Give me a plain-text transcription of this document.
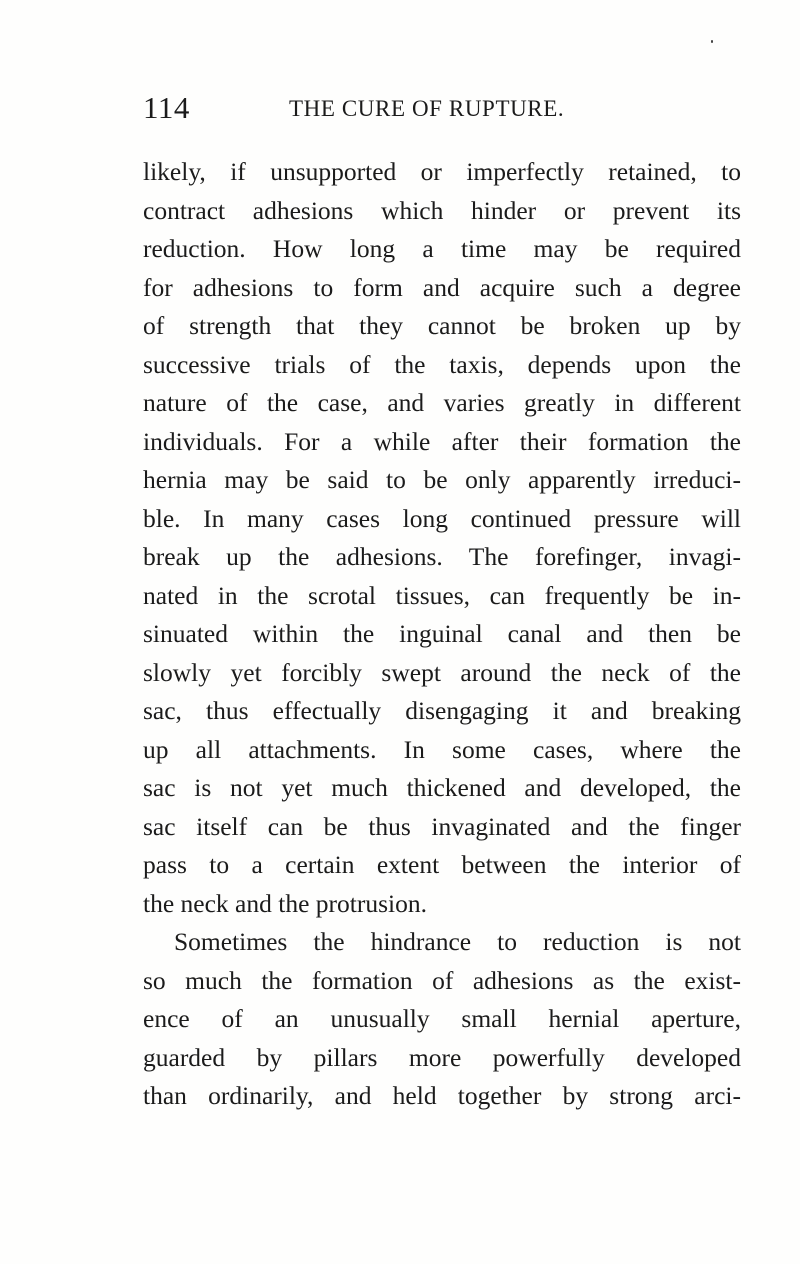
114	THE CURE OF RUPTURE.
likely, if unsupported or imperfectly retained, to
contract adhesions which hinder or prevent its
reduction. How long a time may be required
for adhesions to form and acquire such a degree
of strength that they cannot be broken up by
successive trials of the taxis, depends upon the
nature of the case, and varies greatly in different
individuals. For a while after their formation the
hernia may be said to be only apparently irreduci-
ble. In many cases long continued pressure will
break up the adhesions. The forefinger, invagi-
nated in the scrotal tissues, can frequently be in-
sinuated within the inguinal canal and then be
slowly yet forcibly swept around the neck of the
sac, thus effectually disengaging it and breaking
up all attachments. In some cases, where the
sac is not yet much thickened and developed, the
sac itself can be thus invaginated and the finger
pass to a certain extent between the interior of
the neck and the protrusion.
Sometimes the hindrance to reduction is not
so much the formation of adhesions as the exist-
ence of an unusually small hernial aperture,
guarded by pillars more powerfully developed
than ordinarily, and held together by strong arci-
